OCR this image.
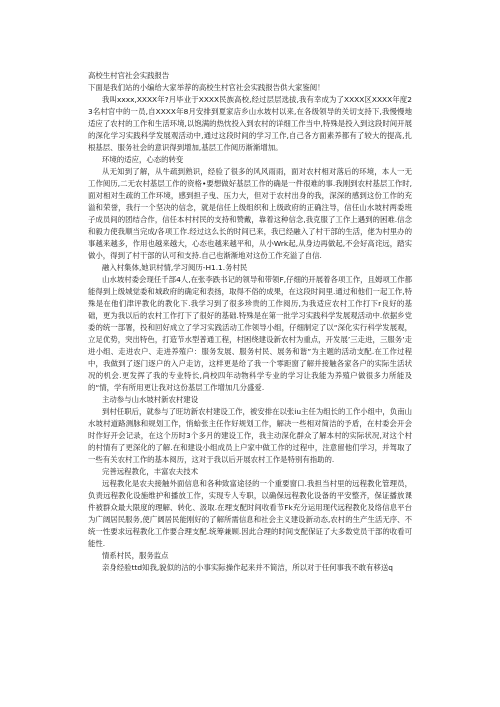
高校生村官社会实践报告
下面是我们站的小编给大家举荐的高校生村官社会实践报告供大家鉴阅！

我叫xxxx,XXXX年?月毕业于XXXX民族高校,经过层层选拔,我有幸成为了XXXX区XXXX年度23名村官中的一员,自XXXX年8月安排到夏家店乡山水坡村以来,在各级领导的关切支持下,我慢慢地适应了农村的工作和生活环境,以饱满的热忱投入到农村的详细工作当中,特殊是投入到这段时间开展的深化学习实践科学发展观活动中,通过这段时间的学习工作,自己各方面素养都有了较大的提高,扎根基层、服务社会的意识得到增加,基层工作阅历渐渐增加。

环境的适应，心态的转变
从无知到了解，从牛疏到熟识，经验了很多的风风雨雨，面对农村相对落后的环境，本人一无工作阅历,二无农村基层工作的资格•要想做好基层工作的确是一件很难的事.我刚到农村基层工作时,面对相对生疏的工作环境，感到担子曳、压力大，但对于农村出身的我，深深的感到这份工作的充溢和荣誉，我行一个坚决的信念，就是信任上级组织和上级政府的正确注导，信任山水坡村两委班子成员间的团结合作，信任本村村民的支持和赞戴，靠着这种信念,我克服了工作上遇到的困难.信念和毅力使我顺当完成/各项工作.经过这么长的时间已来，我已经融入了村干部的生活，佬为村里办的事越来越多，作用也越来越大，心态也越来越平和，从小Wrk起,从身边再做起,不会好高诧远，踏实做小，得到了村干部的认可和支持.自己也渐渐地对这份工作充溢了自信.
融入村集体,她识村情,学习阅历-H1.1.务村民
山水坡村委会现任千部4人,在张李跌书记的领导和带领F,仔细的开展着各项工作，且姆项工作都能得到上级城觉委和城政府的确定和表扬，取得不俗的成果，在这段时间里.通过和他们一起工作,特殊是在他们津评教化的教化下.我学习到了很多珍贵的工作阅历,为我适应农村工作打下r良好的基础，更为我以后的农村工作打下了很好的基础.特殊是在第一批学习实践科学发展观活动中.依据乡党委的统一部署，投和回好成立了学习实践活动工作领导小组，仔细制定了以“深化实行科学发展观，立足优势，突出特色，打造节水型普通工程，村困绕建设新农村为重点，开发展’三走进，三服务’走进小组、走进农户、走进养殖户：服务发展、服务村民、展务和谐”为主题的活动支配.在工作过程中，我做到了逐门逐户的入户走访，这样更是给了我一个零距窗了解并接触各家各户的实际生活状况的机会.更发挥了我的专业特长,尚校四年动物科学专业的学习让我能为养殖户做很多力所能及的“情，学有所用更让我对这份基层工作增加几分盛爱.
主动参与山水坡村新农村建设
到村任职后，就参与了旺坊新农村建设工作，被安排在以张iu主任为组长的工作小组中，负南山水坡村道路测脉和规划工作，悄蛤张主任作好规划工作，解决一些相对简洁的予盾，在村委会开会时作好开会记录，在这个历时3个多月的建设工作，我主动深化群众了解本村的实际状况,对这个村的村情有了更深化的了解.在和建设小组成员上户家中做工作的过程中，注意留他们学习，并驾取了一些有关农村工作的基本阅历，这对于我以后开展农村工作是特别有指助的.
完善远程教化，丰富农夫技术
远程教化是农夫接触外面信息和各种致富途径的一个重要窗口.我担当村里的远程教化管理员，负责远程教化设施维护和播放工作，实现专人专职，以确保远程教化设备的平安整齐，保证播放课件被群众最大限度的理解、转化、汲取.在理支配时间收看节Fk充分运用现代远程教化及络信息平台为广阔居民服务,使广阔居民能刚好的了解所需信息和社会主义建设新动态,农村的生产生活无序、不统一性要求远程教化工作要合理支配.统筹兼顾.因此合理的时间支配保证了大多数党员干部的收看可能性.
情系村民，服务监点
亲身经验ttd知我,貌似的沽的小事实际操作起来并不简洁，所以对于任何事我不敢有移送q
